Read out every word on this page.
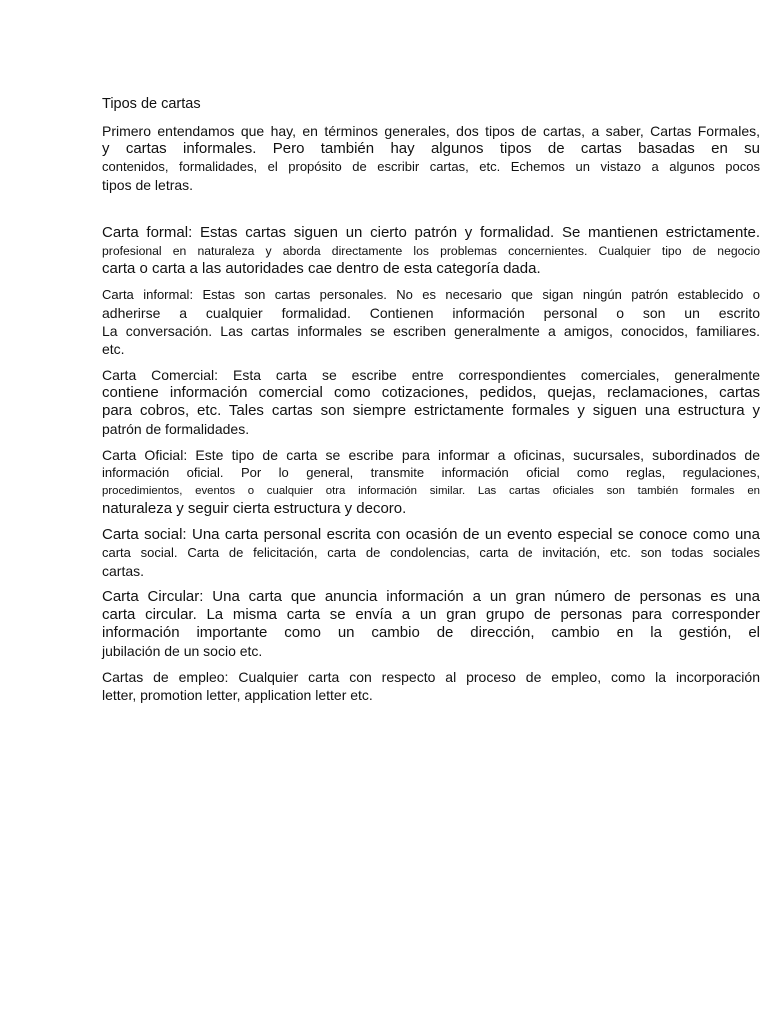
Tipos de cartas
Primero entendamos que hay, en términos generales, dos tipos de cartas, a saber, Cartas Formales,
y cartas informales. Pero también hay algunos tipos de cartas basadas en su
contenidos, formalidades, el propósito de escribir cartas, etc. Echemos un vistazo a algunos pocos
tipos de letras.
Carta formal: Estas cartas siguen un cierto patrón y formalidad. Se mantienen estrictamente.
profesional en naturaleza y aborda directamente los problemas concernientes. Cualquier tipo de negocio
carta o carta a las autoridades cae dentro de esta categoría dada.
Carta informal: Estas son cartas personales. No es necesario que sigan ningún patrón establecido o
adherirse a cualquier formalidad. Contienen información personal o son un escrito
La conversación. Las cartas informales se escriben generalmente a amigos, conocidos, familiares.
etc.
Carta Comercial: Esta carta se escribe entre correspondientes comerciales, generalmente
contiene información comercial como cotizaciones, pedidos, quejas, reclamaciones, cartas
para cobros, etc. Tales cartas son siempre estrictamente formales y siguen una estructura y
patrón de formalidades.
Carta Oficial: Este tipo de carta se escribe para informar a oficinas, sucursales, subordinados de
información oficial. Por lo general, transmite información oficial como reglas, regulaciones,
procedimientos, eventos o cualquier otra información similar. Las cartas oficiales son también formales en
naturaleza y seguir cierta estructura y decoro.
Carta social: Una carta personal escrita con ocasión de un evento especial se conoce como una
carta social. Carta de felicitación, carta de condolencias, carta de invitación, etc. son todas sociales
cartas.
Carta Circular: Una carta que anuncia información a un gran número de personas es una
carta circular. La misma carta se envía a un gran grupo de personas para corresponder
información importante como un cambio de dirección, cambio en la gestión, el
jubilación de un socio etc.
Cartas de empleo: Cualquier carta con respecto al proceso de empleo, como la incorporación
letter, promotion letter, application letter etc.
